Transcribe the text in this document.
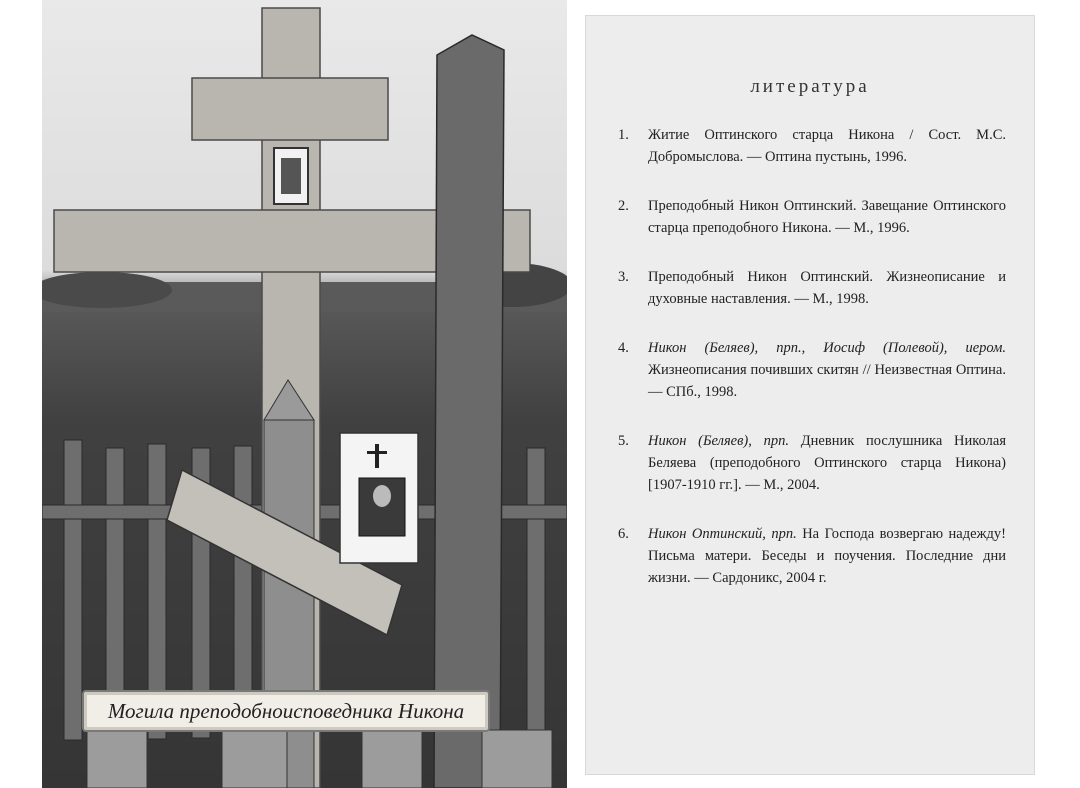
Могила преподобноисповедника Никона
литература
1.	Житие Оптинского старца Никона / Сост. М.С. Добромыслова. — Оптина пустынь, 1996.
2.	Преподобный Никон Оптинский. Завещание Оптинского старца преподобного Никона. — М., 1996.
3.	Преподобный Никон Оптинский. Жизнеописание и духовные наставления. — М., 1998.
4.	Никон (Беляев), прп., Иосиф (Полевой), иером. Жизнеописания почивших скитян // Неизвестная Оптина. — СПб., 1998.
5.	Никон (Беляев), прп. Дневник послушника Николая Беляева (преподобного Оптинского старца Никона) [1907-1910 гг.]. — М., 2004.
6.	Никон Оптинский, прп. На Господа возвергаю надежду! Письма матери. Беседы и поучения. Последние дни жизни. — Сардоникс, 2004 г.
